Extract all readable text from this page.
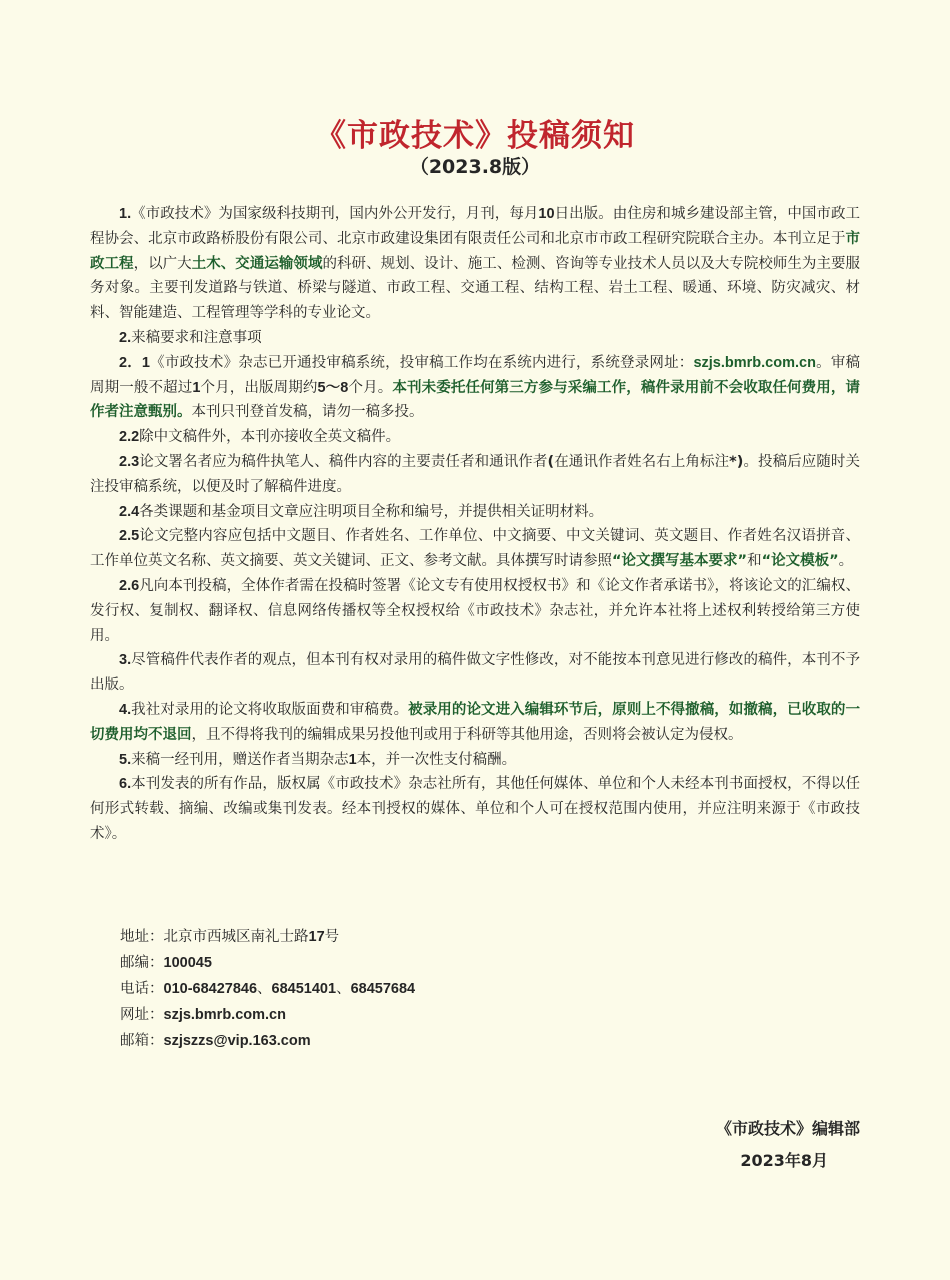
《市政技术》投稿须知
（2023.8版）

1.《市政技术》为国家级科技期刊，国内外公开发行，月刊，每月10日出版。由住房和城乡建设部主管，中国市政工程协会、北京市政路桥股份有限公司、北京市政建设集团有限责任公司和北京市市政工程研究院联合主办。本刊立足于市政工程，以广大土木、交通运输领域的科研、规划、设计、施工、检测、咨询等专业技术人员以及大专院校师生为主要服务对象。主要刊发道路与铁道、桥梁与隧道、市政工程、交通工程、结构工程、岩土工程、暖通、环境、防灾减灾、材料、智能建造、工程管理等学科的专业论文。

2.来稿要求和注意事项

2．1《市政技术》杂志已开通投审稿系统，投审稿工作均在系统内进行，系统登录网址：szjs.bmrb.com.cn。审稿周期一般不超过1个月，出版周期约5～8个月。本刊未委托任何第三方参与采编工作，稿件录用前不会收取任何费用，请作者注意甄别。本刊只刊登首发稿，请勿一稿多投。

2.2除中文稿件外，本刊亦接收全英文稿件。

2.3论文署名者应为稿件执笔人、稿件内容的主要责任者和通讯作者(在通讯作者姓名右上角标注*)。投稿后应随时关注投审稿系统，以便及时了解稿件进度。

2.4各类课题和基金项目文章应注明项目全称和编号，并提供相关证明材料。

2.5论文完整内容应包括中文题目、作者姓名、工作单位、中文摘要、中文关键词、英文题目、作者姓名汉语拼音、工作单位英文名称、英文摘要、英文关键词、正文、参考文献。具体撰写时请参照“论文撰写基本要求”和“论文模板”。

2.6凡向本刊投稿，全体作者需在投稿时签署《论文专有使用权授权书》和《论文作者承诺书》，将该论文的汇编权、发行权、复制权、翻译权、信息网络传播权等全权授权给《市政技术》杂志社，并允许本社将上述权利转授给第三方使用。

3.尽管稿件代表作者的观点，但本刊有权对录用的稿件做文字性修改，对不能按本刊意见进行修改的稿件，本刊不予出版。

4.我社对录用的论文将收取版面费和审稿费。被录用的论文进入编辑环节后，原则上不得撤稿，如撤稿，已收取的一切费用均不退回，且不得将我刊的编辑成果另投他刊或用于科研等其他用途，否则将会被认定为侵权。

5.来稿一经刊用，赠送作者当期杂志1本，并一次性支付稿酬。

6.本刊发表的所有作品，版权属《市政技术》杂志社所有，其他任何媒体、单位和个人未经本刊书面授权，不得以任何形式转载、摘编、改编或集刊发表。经本刊授权的媒体、单位和个人可在授权范围内使用，并应注明来源于《市政技术》。

地址：北京市西城区南礼士路17号
邮编：100045
电话：010-68427846、68451401、68457684
网址：szjs.bmrb.com.cn
邮箱：szjszzs@vip.163.com
《市政技术》编辑部
2023年8月
